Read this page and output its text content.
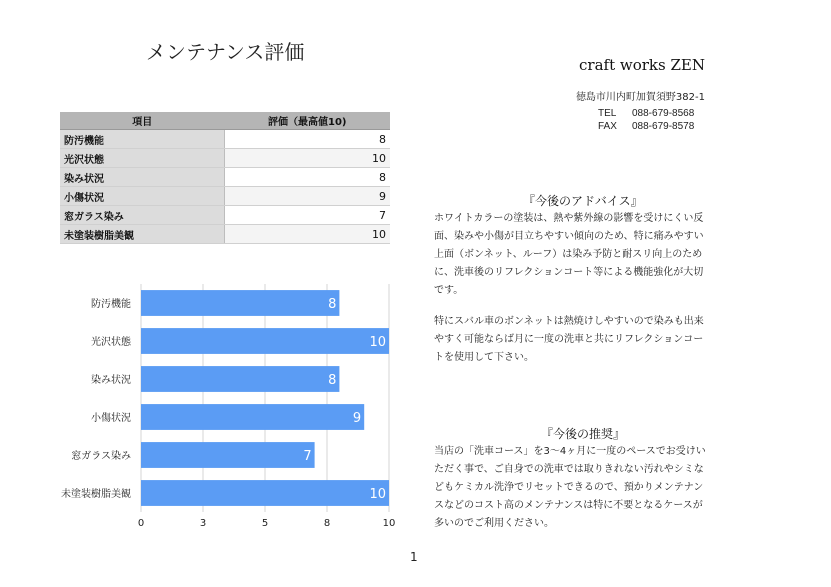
メンテナンス評価
craft works ZEN
徳島市川内町加賀須野382-1
TEL 088-679-8568
FAX 088-679-8578
項目	評価（最高値10)
防汚機能	8
光沢状態	10
染み状況	8
小傷状況	9
窓ガラス染み	7
未塗装樹脂美観	10
0	3	5	8	10
防汚機能	8
光沢状態	10
染み状況	8
小傷状況	9
窓ガラス染み	7
未塗装樹脂美観	10
『今後のアドバイス』

ホワイトカラーの塗装は、熱や紫外線の影響を受けにくい反

面、染みや小傷が目立ちやすい傾向のため、特に痛みやすい

上面（ボンネット、ルーフ）は染み予防と耐スリ向上のため

に、洗車後のリフレクションコート等による機能強化が大切

です。

特にスバル車のボンネットは熱焼けしやすいので染みも出来

やすく可能ならば月に一度の洗車と共にリフレクションコー

トを使用して下さい。

『今後の推奨』

当店の「洗車コース」を3〜4ヶ月に一度のペースでお受けい

ただく事で、ご自身での洗車では取りきれない汚れやシミな

どもケミカル洗浄でリセットできるので、預かりメンテナン

スなどのコスト高のメンテナンスは特に不要となるケースが

多いのでご利用ください。

1
